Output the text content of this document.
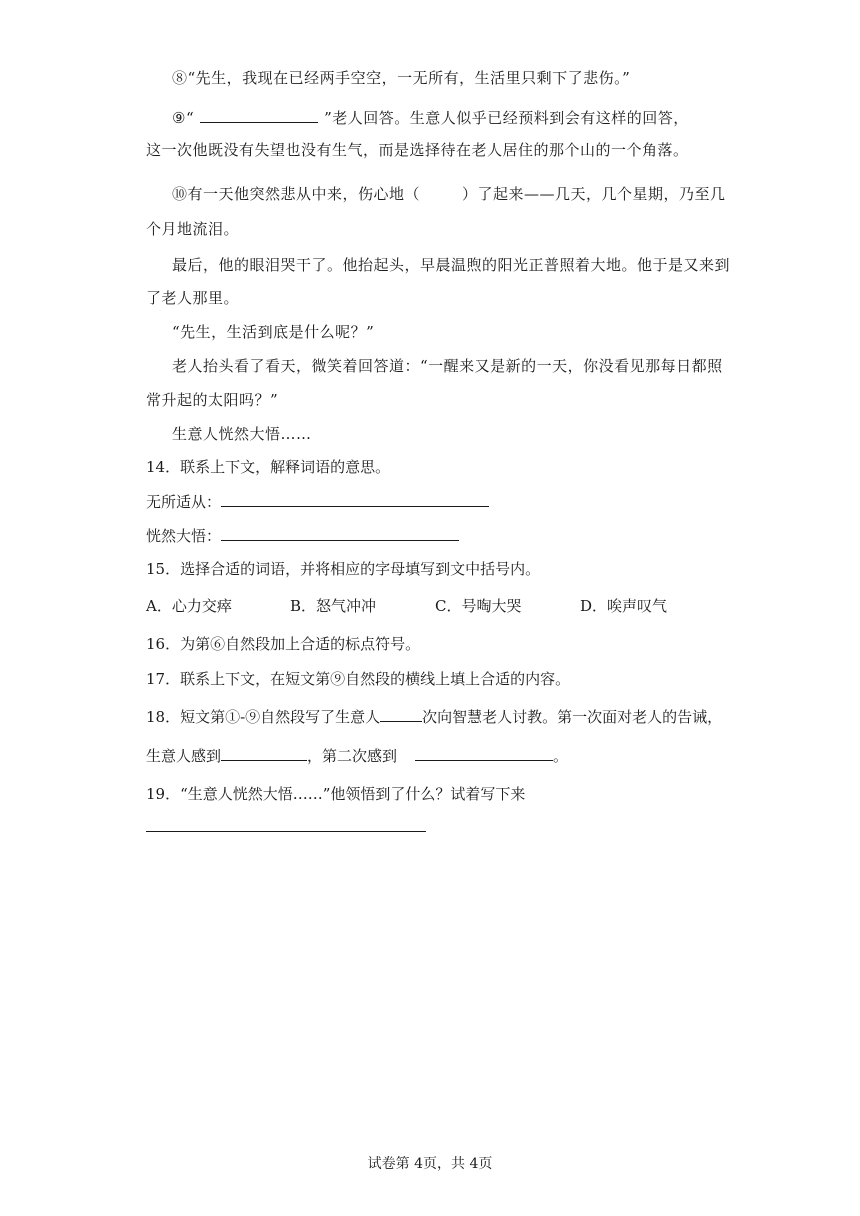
⑧“先生，我现在已经两手空空，一无所有，生活里只剩下了悲伤。”
⑨“	”老人回答。生意人似乎已经预料到会有这样的回答，
这一次他既没有失望也没有生气，而是选择待在老人居住的那个山的一个角落。
⑩有一天他突然悲从中来，伤心地（	）了起来——几天，几个星期，乃至几
个月地流泪。
最后，他的眼泪哭干了。他抬起头，早晨温煦的阳光正普照着大地。他于是又来到
了老人那里。
“先生，生活到底是什么呢？”
老人抬头看了看天，微笑着回答道：“一醒来又是新的一天，你没看见那每日都照
常升起的太阳吗？”
生意人恍然大悟……
14．联系上下文，解释词语的意思。
无所适从：
恍然大悟：
15．选择合适的词语，并将相应的字母填写到文中括号内。
A．心力交瘁	B．怒气冲冲	C．号啕大哭	D．唉声叹气
16．为第⑥自然段加上合适的标点符号。
17．联系上下文，在短文第⑨自然段的横线上填上合适的内容。
18．短文第①-⑨自然段写了生意人	次向智慧老人讨教。第一次面对老人的告诫，
生意人感到	，第二次感到	。
19．“生意人恍然大悟……”他领悟到了什么？试着写下来
试卷第 4页，共 4页
